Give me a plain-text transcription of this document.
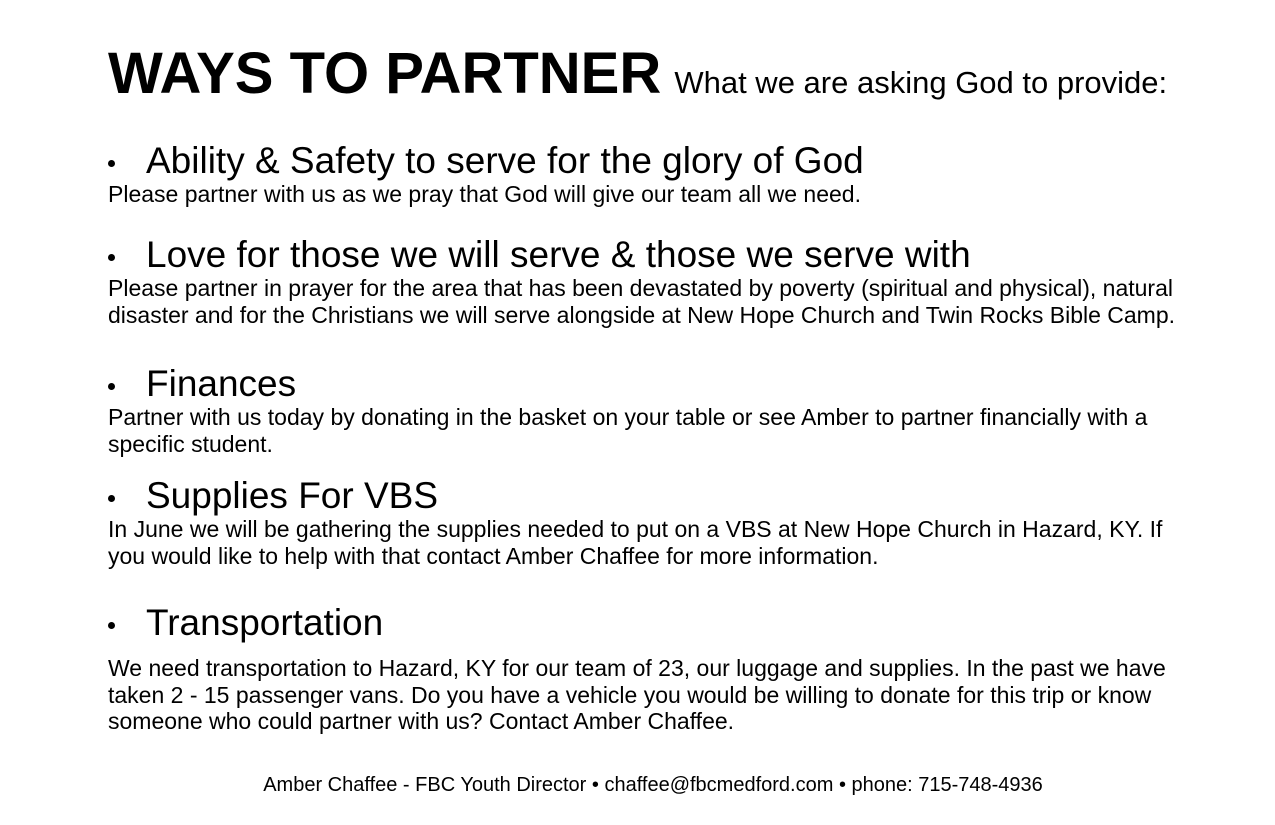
WAYS TO PARTNER What we are asking God to provide:
Ability & Safety to serve for the glory of God
Please partner with us as we pray that God will give our team all we need.
Love for those we will serve & those we serve with
Please partner in prayer for the area that has been devastated by poverty (spiritual and physical), natural disaster and for the Christians we will serve alongside at New Hope Church and Twin Rocks Bible Camp.
Finances
Partner with us today by donating in the basket on your table or see Amber to partner financially with a specific student.
Supplies For VBS
In June we will be gathering the supplies needed to put on a VBS at New Hope Church in Hazard, KY. If you would like to help with that contact Amber Chaffee for more information.
Transportation
We need transportation to Hazard, KY for our team of 23, our luggage and supplies. In the past we have taken 2 - 15 passenger vans. Do you have a vehicle you would be willing to donate for this trip or know someone who could partner with us? Contact Amber Chaffee.
Amber Chaffee - FBC Youth Director • chaffee@fbcmedford.com • phone: 715-748-4936
